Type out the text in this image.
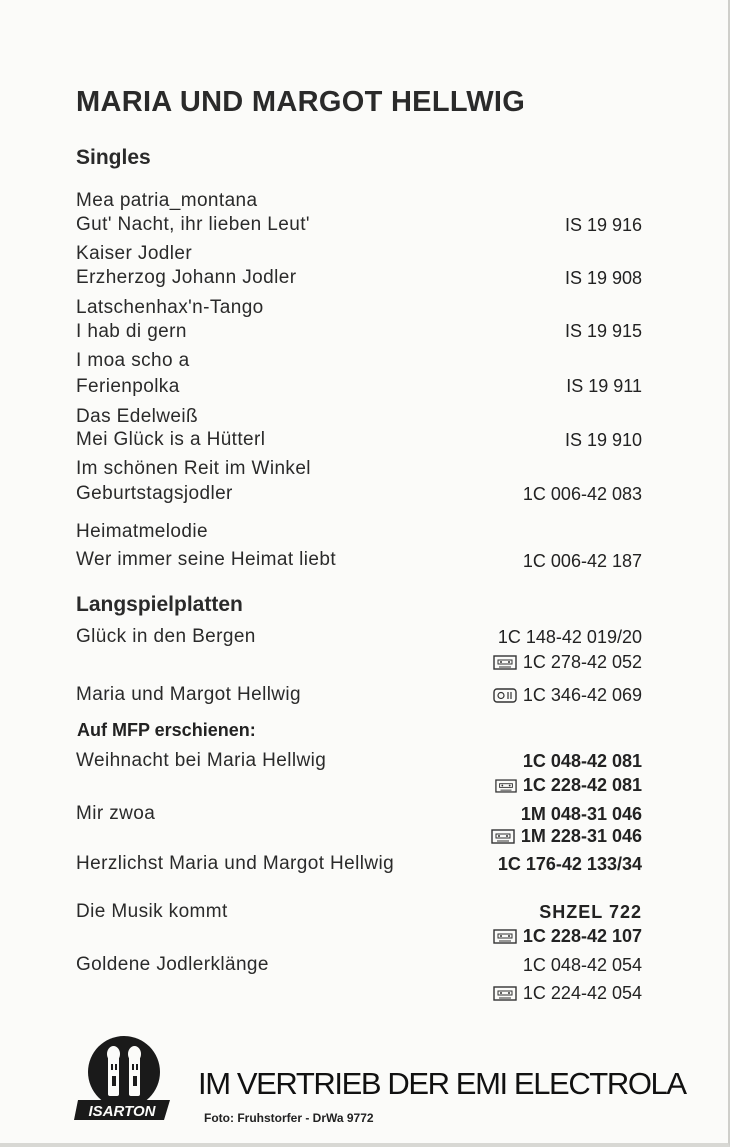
MARIA UND MARGOT HELLWIG
Singles
Mea patria_montana
Gut' Nacht, ihr lieben Leut'	IS 19 916
Kaiser Jodler
Erzherzog Johann Jodler	IS 19 908
Latschenhax'n-Tango
I hab di gern	IS 19 915
I moa scho a
Ferienpolka	IS 19 911
Das Edelweiß
Mei Glück is a Hütterl	IS 19 910
Im schönen Reit im Winkel
Geburtstagsjodler	1C 006-42 083
Heimatmelodie
Wer immer seine Heimat liebt	1C 006-42 187
Langspielplatten
Glück in den Bergen	1C 148-42 019/20
1C 278-42 052
Maria und Margot Hellwig	1C 346-42 069
Auf MFP erschienen:
Weihnacht bei Maria Hellwig	1C 048-42 081
1C 228-42 081
Mir zwoa	1M 048-31 046
1M 228-31 046
Herzlichst Maria und Margot Hellwig	1C 176-42 133/34
Die Musik kommt	SHZEL 722
1C 228-42 107
Goldene Jodlerklänge	1C 048-42 054
1C 224-42 054
ISARTON
IM VERTRIEB DER EMI ELECTROLA
Foto: Fruhstorfer - DrWa 9772
